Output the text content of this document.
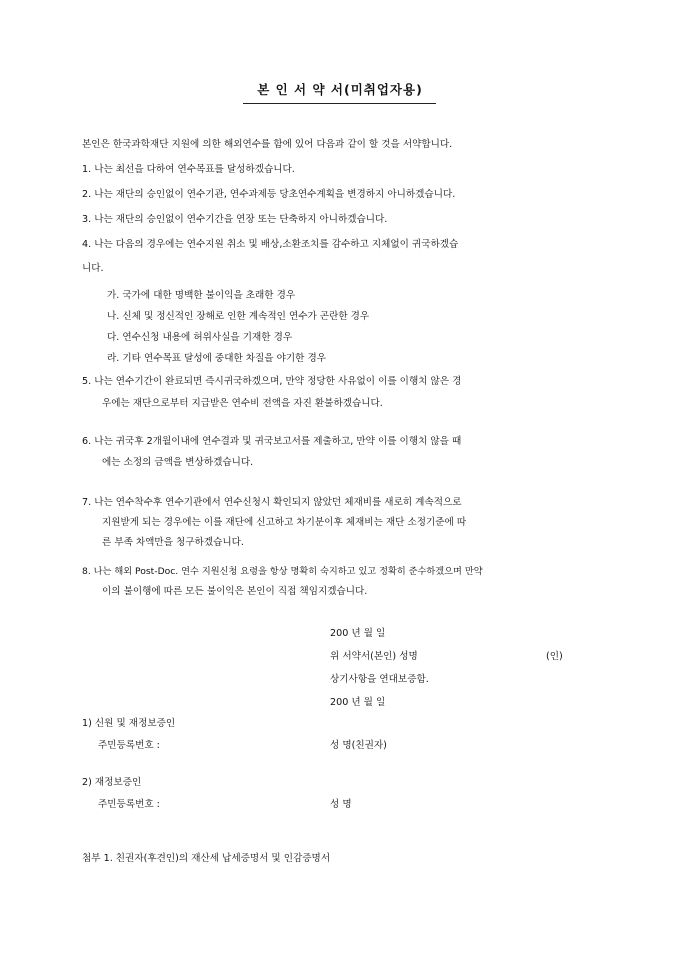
본 인 서 약 서(미취업자용)
본인은 한국과학재단 지원에 의한 해외연수를 함에 있어 다음과 같이 할 것을 서약합니다.
1. 나는 최선을 다하여 연수목표를 달성하겠습니다.
2. 나는 재단의 승인없이 연수기관, 연수과제등 당초연수계획을 변경하지 아니하겠습니다.
3. 나는 재단의 승인없이 연수기간을 연장 또는 단축하지 아니하겠습니다.
4. 나는 다음의 경우에는 연수지원 취소 및 배상,소환조치를 감수하고 지체없이 귀국하겠습
니다.
가. 국가에 대한 명백한 불이익을 초래한 경우
나. 신체 및 정신적인 장해로 인한 계속적인 연수가 곤란한 경우
다. 연수신청 내용에 허위사실을 기재한 경우
라. 기타 연수목표 달성에 중대한 차질을 야기한 경우
5. 나는 연수기간이 완료되면 즉시귀국하겠으며, 만약 정당한 사유없이 이를 이행치 않은 경
우에는 재단으로부터 지급받은 연수비 전액을 자진 환불하겠습니다.
6. 나는 귀국후 2개월이내에 연수결과 및 귀국보고서를 제출하고, 만약 이를 이행치 않을 때
에는 소정의 금액을 변상하겠습니다.
7. 나는 연수착수후 연수기관에서 연수신청시 확인되지 않았던 체재비를 새로히 계속적으로
지원받게 되는 경우에는 이를 재단에 신고하고 차기분이후 체재비는 재단 소정기준에 따
른 부족 차액만을 청구하겠습니다.
8. 나는 해외 Post-Doc. 연수 지원신청 요령을 항상 명확히 숙지하고 있고 정확히 준수하겠으며 만약
이의 불이행에 따른 모든 불이익은 본인이 직접 책임지겠습니다.
200 년 월 일
위 서약서(본인) 성명	(인)
상기사항을 연대보증함.
200 년 월 일
1) 신원 및 재정보증인
주민등록번호 :	성 명(친권자)
2) 재정보증인
주민등록번호 :	성 명
첨부 1. 친권자(후견인)의 재산세 납세증명서 및 인감증명서
